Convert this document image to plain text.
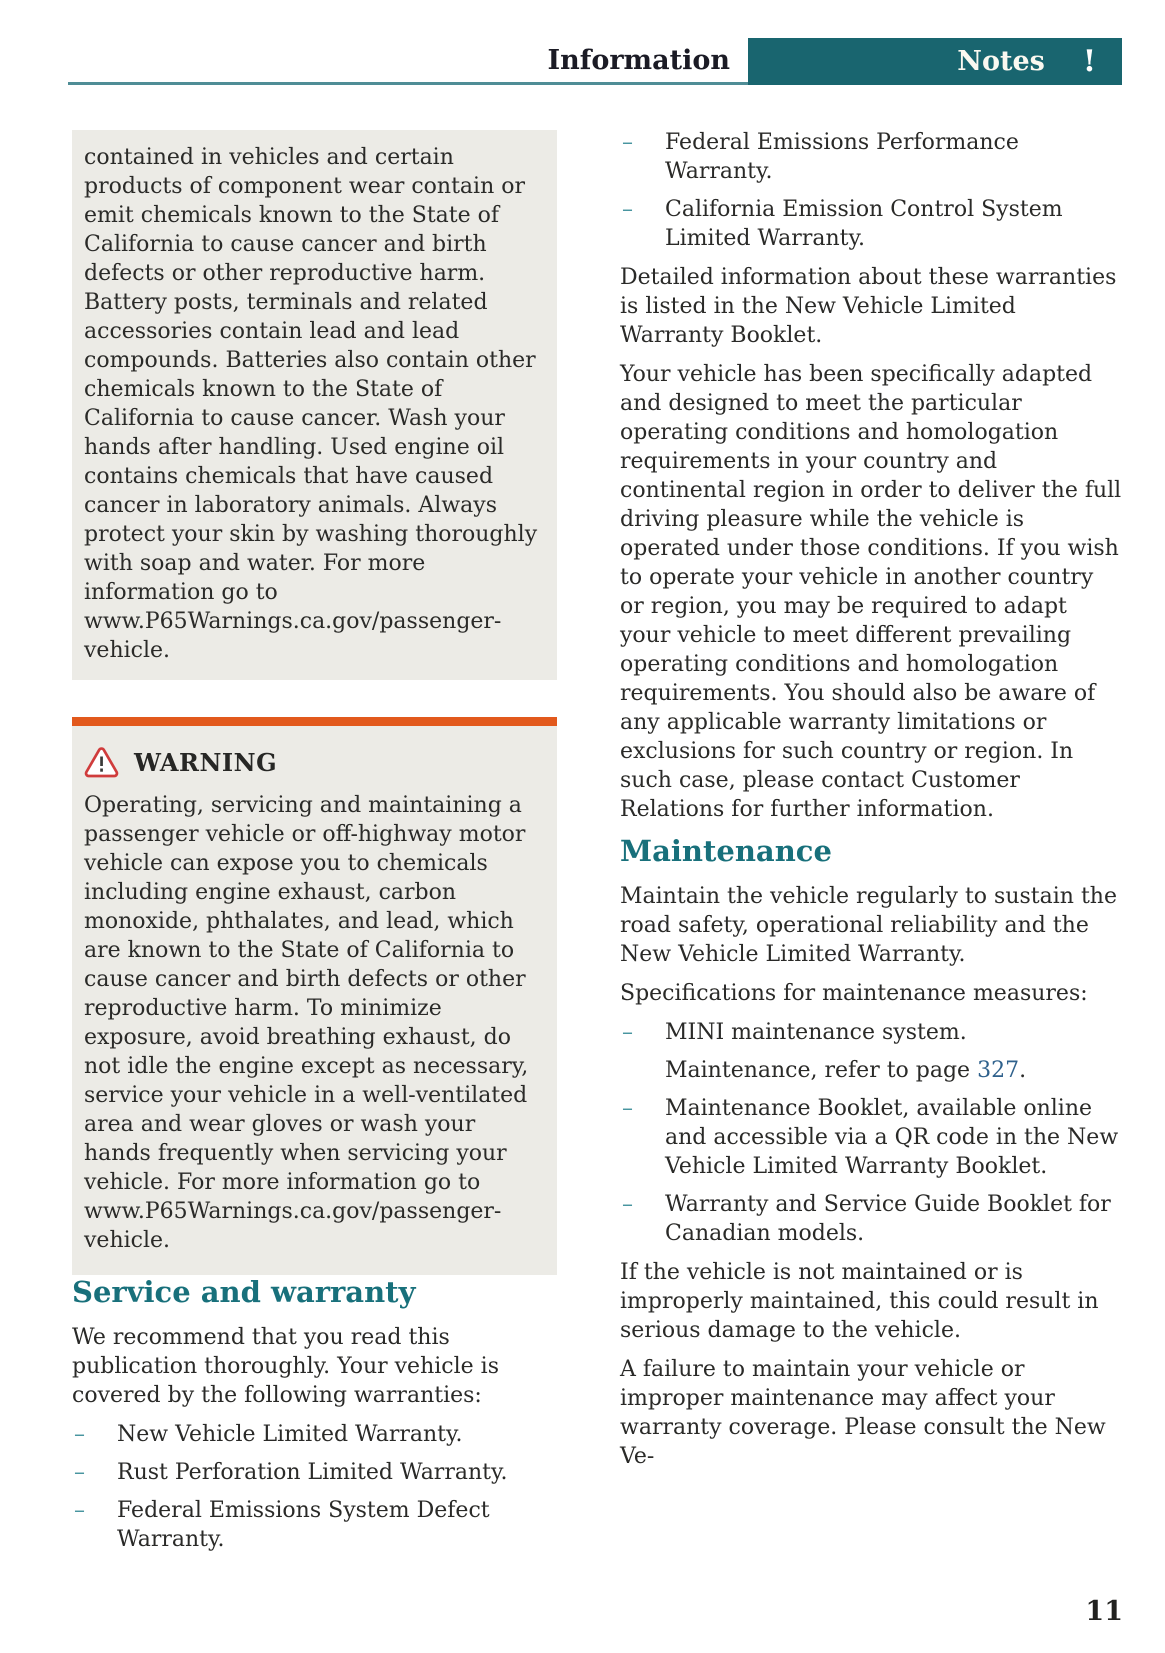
Information	Notes !
contained in vehicles and certain products of component wear contain or emit chemicals known to the State of California to cause cancer and birth defects or other reproductive harm. Battery posts, terminals and related accessories contain lead and lead compounds. Batteries also contain other chemicals known to the State of California to cause cancer. Wash your hands after handling. Used engine oil contains chemicals that have caused cancer in laboratory animals. Always protect your skin by washing thoroughly with soap and water. For more information go to www.P65Warnings.ca.gov/passenger-vehicle.
WARNING
Operating, servicing and maintaining a passenger vehicle or off-highway motor vehicle can expose you to chemicals including engine exhaust, carbon monoxide, phthalates, and lead, which are known to the State of California to cause cancer and birth defects or other reproductive harm. To minimize exposure, avoid breathing exhaust, do not idle the engine except as necessary, service your vehicle in a well-ventilated area and wear gloves or wash your hands frequently when servicing your vehicle. For more information go to www.P65Warnings.ca.gov/passenger-vehicle.
Service and warranty

We recommend that you read this publication thoroughly. Your vehicle is covered by the following warranties:

– New Vehicle Limited Warranty.
– Rust Perforation Limited Warranty.
– Federal Emissions System Defect Warranty.
– Federal Emissions Performance Warranty.
– California Emission Control System Limited Warranty.

Detailed information about these warranties is listed in the New Vehicle Limited Warranty Booklet.

Your vehicle has been specifically adapted and designed to meet the particular operating conditions and homologation requirements in your country and continental region in order to deliver the full driving pleasure while the vehicle is operated under those conditions. If you wish to operate your vehicle in another country or region, you may be required to adapt your vehicle to meet different prevailing operating conditions and homologation requirements. You should also be aware of any applicable warranty limitations or exclusions for such country or region. In such case, please contact Customer Relations for further information.

Maintenance

Maintain the vehicle regularly to sustain the road safety, operational reliability and the New Vehicle Limited Warranty.

Specifications for maintenance measures:

– MINI maintenance system.
Maintenance, refer to page 327.
– Maintenance Booklet, available online and accessible via a QR code in the New Vehicle Limited Warranty Booklet.
– Warranty and Service Guide Booklet for Canadian models.

If the vehicle is not maintained or is improperly maintained, this could result in serious damage to the vehicle.

A failure to maintain your vehicle or improper maintenance may affect your warranty coverage. Please consult the New Ve-

11
